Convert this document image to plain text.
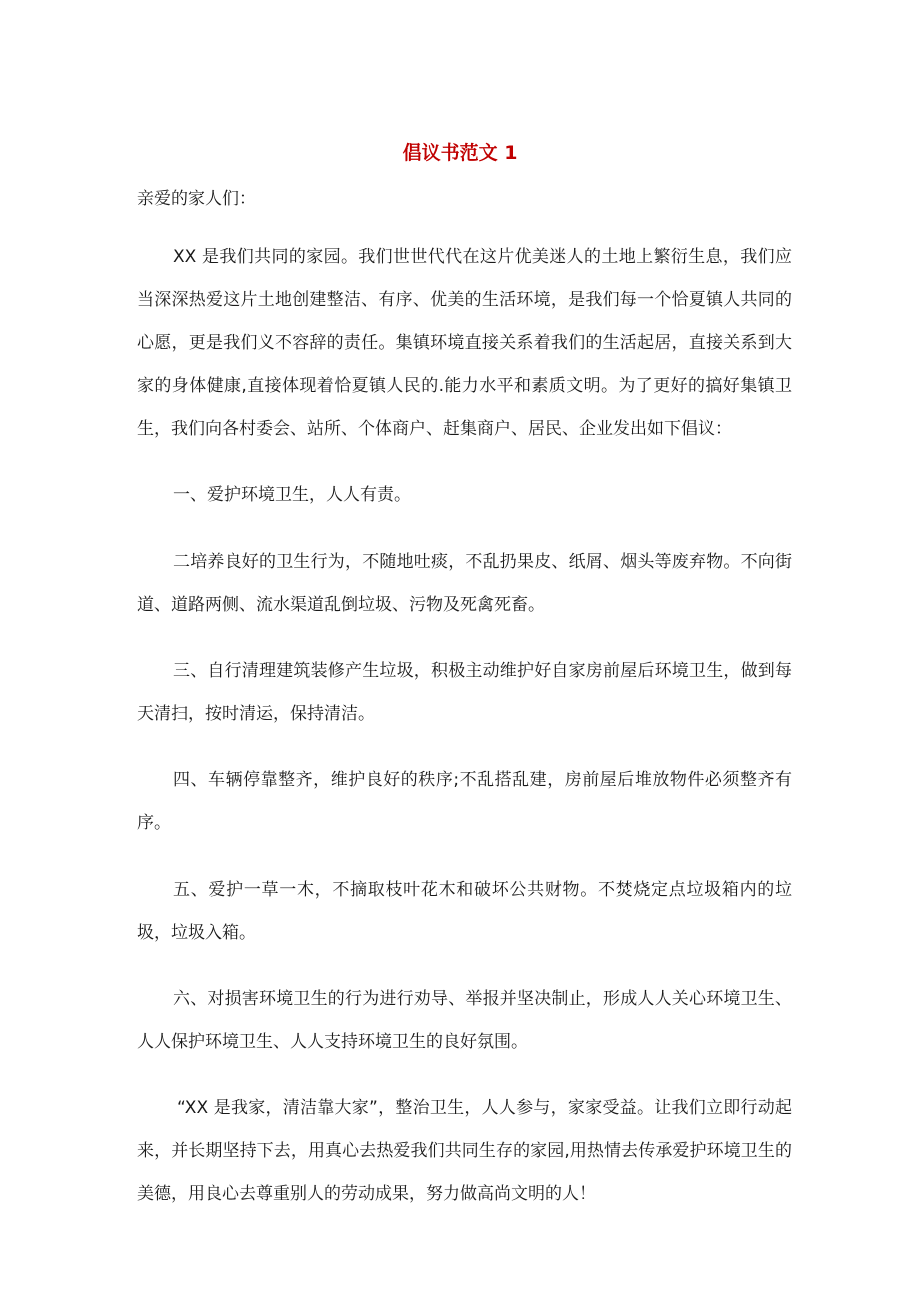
倡议书范文 1

亲爱的家人们：

XX 是我们共同的家园。我们世世代代在这片优美迷人的土地上繁衍生息，我们应当深深热爱这片土地创建整洁、有序、优美的生活环境，是我们每一个恰夏镇人共同的心愿，更是我们义不容辞的责任。集镇环境直接关系着我们的生活起居，直接关系到大家的身体健康,直接体现着恰夏镇人民的.能力水平和素质文明。为了更好的搞好集镇卫生，我们向各村委会、站所、个体商户、赶集商户、居民、企业发出如下倡议：

一、爱护环境卫生，人人有责。

二培养良好的卫生行为，不随地吐痰，不乱扔果皮、纸屑、烟头等废弃物。不向街道、道路两侧、流水渠道乱倒垃圾、污物及死禽死畜。

三、自行清理建筑装修产生垃圾，积极主动维护好自家房前屋后环境卫生，做到每天清扫，按时清运，保持清洁。

四、车辆停靠整齐，维护良好的秩序;不乱搭乱建，房前屋后堆放物件必须整齐有序。

五、爱护一草一木，不摘取枝叶花木和破坏公共财物。不焚烧定点垃圾箱内的垃圾，垃圾入箱。

六、对损害环境卫生的行为进行劝导、举报并坚决制止，形成人人关心环境卫生、人人保护环境卫生、人人支持环境卫生的良好氛围。

“XX 是我家，清洁靠大家”，整治卫生，人人参与，家家受益。让我们立即行动起来，并长期坚持下去，用真心去热爱我们共同生存的家园,用热情去传承爱护环境卫生的美德，用良心去尊重别人的劳动成果，努力做高尚文明的人！
